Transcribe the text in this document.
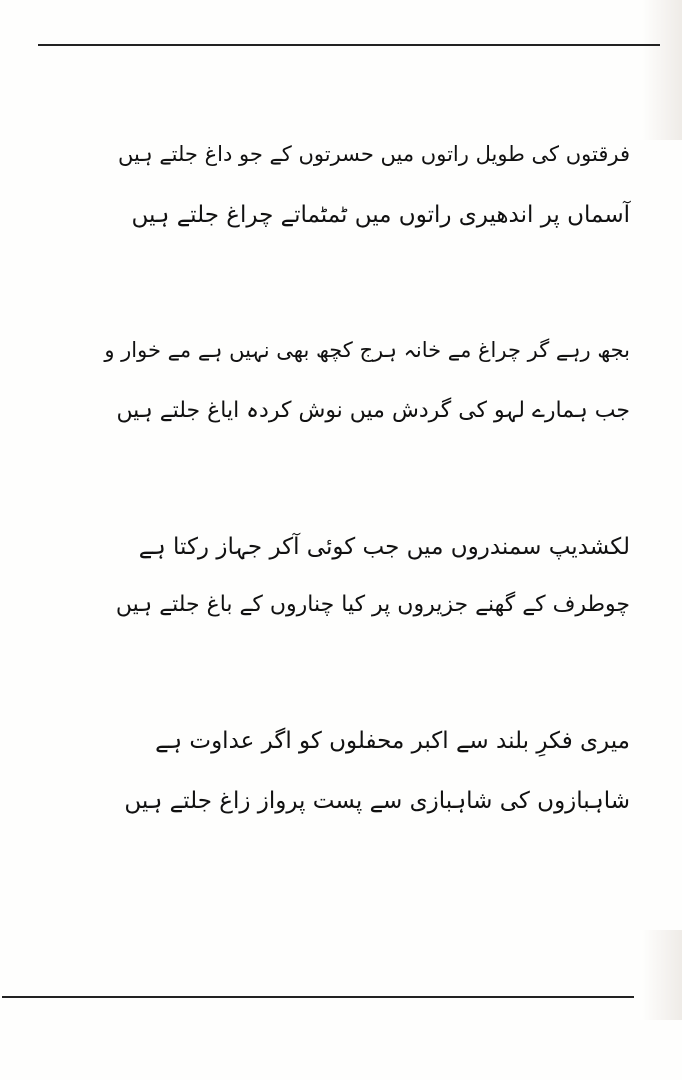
فرقتوں کی طویل راتوں میں حسرتوں کے جو داغ جلتے ہیں
آسماں پر اندھیری راتوں میں ٹمٹماتے چراغ جلتے ہیں
بجھ رہے گر چراغ مے خانہ ہرج کچھ بھی نہیں ہے مے خوار و
جب ہمارے لہو کی گردش میں نوش کردہ ایاغ جلتے ہیں
لکشدیپ سمندروں میں جب کوئی آکر جہاز رکتا ہے
چوطرف کے گھنے جزیروں پر کیا چناروں کے باغ جلتے ہیں
میری فکرِ بلند سے اکبر محفلوں کو اگر عداوت ہے
شاہبازوں کی شاہبازی سے پست پرواز زاغ جلتے ہیں
